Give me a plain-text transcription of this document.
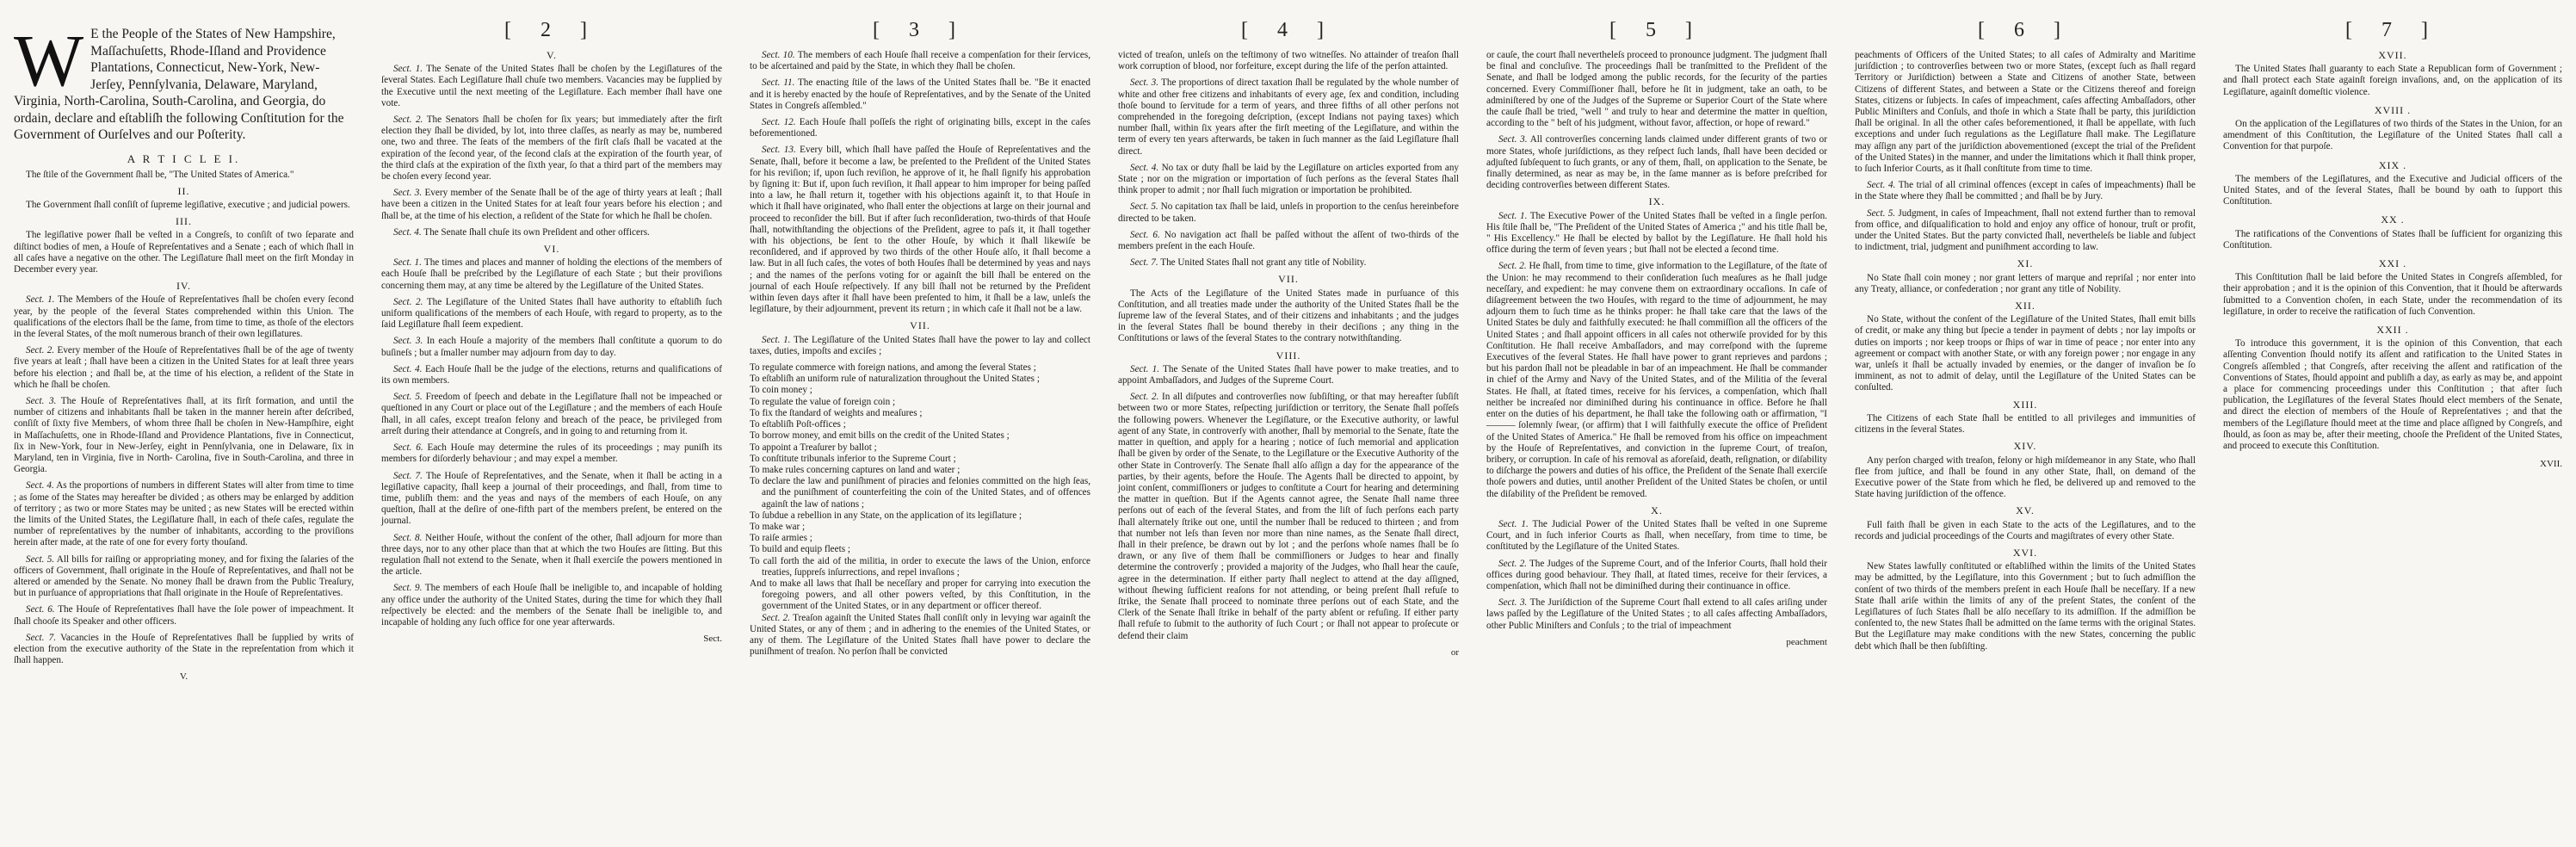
W E the People of the States of New Hampshire, Maſſachuſetts, Rhode-Iſland and Providence Plantations, Connecticut, New-York, New-Jerſey, Pennſylvania, Delaware, Maryland, Virginia, North-Carolina, South-Carolina, and Georgia, do ordain, declare and eſtabliſh the following Conſtitution for the Government of Ourſelves and our Poſterity.
A R T I C L E I.

The ſtile of the Government ſhall be, "The United States of America."

II.

The Government ſhall conſiſt of ſupreme legiſlative, executive ; and judicial powers.

III.

The legiſlative power ſhall be veſted in a Congreſs, to conſiſt of two ſeparate and diſtinct bodies of men, a Houſe of Repreſentatives and a Senate ; each of which ſhall in all caſes have a negative on the other. The Legiſlature ſhall meet on the firſt Monday in December every year.

IV.

Sect. 1. The Members of the Houſe of Repreſentatives ſhall be choſen every ſecond year, by the people of the ſeveral States comprehended within this Union. The qualifications of the electors ſhall be the ſame, from time to time, as thoſe of the electors in the ſeveral States, of the moſt numerous branch of their own legiſlatures.

Sect. 2. Every member of the Houſe of Repreſentatives ſhall be of the age of twenty five years at leaſt ; ſhall have been a citizen in the United States for at leaſt three years before his election ; and ſhall be, at the time of his election, a reſident of the State in which he ſhall be choſen.

Sect. 3. The Houſe of Repreſentatives ſhall, at its firſt formation, and until the number of citizens and inhabitants ſhall be taken in the manner herein after deſcribed, conſiſt of ſixty five Members, of whom three ſhall be choſen in New-Hampſhire, eight in Maſſachuſetts, one in Rhode-Iſland and Providence Plantations, five in Connecticut, ſix in New-York, four in New-Jerſey, eight in Pennſylvania, one in Delaware, ſix in Maryland, ten in Virginia, five in North- Carolina, five in South-Carolina, and three in Georgia.

Sect. 4. As the proportions of numbers in different States will alter from time to time ; as ſome of the States may hereafter be divided ; as others may be enlarged by addition of territory ; as two or more States may be united ; as new States will be erected within the limits of the United States, the Legiſlature ſhall, in each of theſe caſes, regulate the number of repreſentatives by the number of inhabitants, according to the proviſions herein after made, at the rate of one for every forty thouſand.

Sect. 5. All bills for raiſing or appropriating money, and for fixing the ſalaries of the officers of Government, ſhall originate in the Houſe of Repreſentatives, and ſhall not be altered or amended by the Senate. No money ſhall be drawn from the Public Treaſury, but in purſuance of appropriations that ſhall originate in the Houſe of Repreſentatives.

Sect. 6. The Houſe of Repreſentatives ſhall have the ſole power of impeachment. It ſhall chooſe its Speaker and other officers.

Sect. 7. Vacancies in the Houſe of Repreſentatives ſhall be ſupplied by writs of election from the executive authority of the State in the repreſentation from which it ſhall happen.

V.
[ 2 ]
V.

Sect. 1. The Senate of the United States ſhall be choſen by the Legiſlatures of the ſeveral States. Each Legiſlature ſhall chuſe two members. Vacancies may be ſupplied by the Executive until the next meeting of the Legiſlature. Each member ſhall have one vote.

Sect. 2. The Senators ſhall be choſen for ſix years; but immediately after the firſt election they ſhall be divided, by lot, into three claſſes, as nearly as may be, numbered one, two and three. The ſeats of the members of the firſt claſs ſhall be vacated at the expiration of the ſecond year, of the ſecond claſs at the expiration of the fourth year, of the third claſs at the expiration of the ſixth year, ſo that a third part of the members may be choſen every ſecond year.

Sect. 3. Every member of the Senate ſhall be of the age of thirty years at leaſt ; ſhall have been a citizen in the United States for at leaſt four years before his election ; and ſhall be, at the time of his election, a reſident of the State for which he ſhall be choſen.

Sect. 4. The Senate ſhall chuſe its own Preſident and other officers.

VI.

Sect. 1. The times and places and manner of holding the elections of the members of each Houſe ſhall be preſcribed by the Legiſlature of each State ; but their proviſions concerning them may, at any time be altered by the Legiſlature of the United States.

Sect. 2. The Legiſlature of the United States ſhall have authority to eſtabliſh ſuch uniform qualifications of the members of each Houſe, with regard to property, as to the ſaid Legiſlature ſhall ſeem expedient.

Sect. 3. In each Houſe a majority of the members ſhall conſtitute a quorum to do buſineſs ; but a ſmaller number may adjourn from day to day.

Sect. 4. Each Houſe ſhall be the judge of the elections, returns and qualifications of its own members.

Sect. 5. Freedom of ſpeech and debate in the Legiſlature ſhall not be impeached or queſtioned in any Court or place out of the Legiſlature ; and the members of each Houſe ſhall, in all caſes, except treaſon felony and breach of the peace, be privileged from arreſt during their attendance at Congreſs, and in going to and returning from it.

Sect. 6. Each Houſe may determine the rules of its proceedings ; may puniſh its members for diſorderly behaviour ; and may expel a member.

Sect. 7. The Houſe of Repreſentatives, and the Senate, when it ſhall be acting in a legiſlative capacity, ſhall keep a journal of their proceedings, and ſhall, from time to time, publiſh them: and the yeas and nays of the members of each Houſe, on any queſtion, ſhall at the deſire of one-fifth part of the members preſent, be entered on the journal.

Sect. 8. Neither Houſe, without the conſent of the other, ſhall adjourn for more than three days, nor to any other place than that at which the two Houſes are ſitting. But this regulation ſhall not extend to the Senate, when it ſhall exerciſe the powers mentioned in the article.

Sect. 9. The members of each Houſe ſhall be ineligible to, and incapable of holding any office under the authority of the United States, during the time for which they ſhall reſpectively be elected: and the members of the Senate ſhall be ineligible to, and incapable of holding any ſuch office for one year afterwards.

Sect.
[ 3 ]

Sect. 10. The members of each Houſe ſhall receive a compenſation for their ſervices, to be aſcertained and paid by the State, in which they ſhall be choſen.

Sect. 11. The enacting ſtile of the laws of the United States ſhall be. "Be it enacted and it is hereby enacted by the houſe of Repreſentatives, and by the Senate of the United States in Congreſs aſſembled."

Sect. 12. Each Houſe ſhall poſſeſs the right of originating bills, except in the caſes beforementioned.

Sect. 13. Every bill, which ſhall have paſſed the Houſe of Repreſentatives and the Senate, ſhall, before it become a law, be preſented to the Preſident of the United States for his reviſion; if, upon ſuch reviſion, he approve of it, he ſhall ſignify his approbation by ſigning it: But if, upon ſuch reviſion, it ſhall appear to him improper for being paſſed into a law, he ſhall return it, together with his objections againſt it, to that Houſe in which it ſhall have originated, who ſhall enter the objections at large on their journal and proceed to reconſider the bill. But if after ſuch reconſideration, two-thirds of that Houſe ſhall, notwithſtanding the objections of the Preſident, agree to paſs it, it ſhall together with his objections, be ſent to the other Houſe, by which it ſhall likewiſe be reconſidered, and if approved by two thirds of the other Houſe alſo, it ſhall become a law. But in all ſuch caſes, the votes of both Houſes ſhall be determined by yeas and nays ; and the names of the perſons voting for or againſt the bill ſhall be entered on the journal of each Houſe reſpectively. If any bill ſhall not be returned by the Preſident within ſeven days after it ſhall have been preſented to him, it ſhall be a law, unleſs the legiſlature, by their adjournment, prevent its return ; in which caſe it ſhall not be a law.

VII.

Sect. 1. The Legiſlature of the United States ſhall have the power to lay and collect taxes, duties, impoſts and exciſes ;

To regulate commerce with foreign nations, and among the ſeveral States ;

To eſtabliſh an uniform rule of naturalization throughout the United States ;

To coin money ;

To regulate the value of foreign coin ;

To fix the ſtandard of weights and meaſures ;

To eſtabliſh Poſt-offices ;

To borrow money, and emit bills on the credit of the United States ;

To appoint a Treaſurer by ballot ;

To conſtitute tribunals inferior to the Supreme Court ;

To make rules concerning captures on land and water ;

To declare the law and puniſhment of piracies and felonies committed on the high ſeas, and the puniſhment of counterfeiting the coin of the United States, and of offences againſt the law of nations ;

To ſubdue a rebellion in any State, on the application of its legiſlature ;

To make war ;

To raiſe armies ;

To build and equip fleets ;

To call forth the aid of the militia, in order to execute the laws of the Union, enforce treaties, ſuppreſs inſurrections, and repel invaſions ;

And to make all laws that ſhall be neceſſary and proper for carrying into execution the foregoing powers, and all other powers veſted, by this Conſtitution, in the government of the United States, or in any department or officer thereof.

Sect. 2. Treaſon againſt the United States ſhall conſiſt only in levying war againſt the United States, or any of them ; and in adhering to the enemies of the United States, or any of them. The Legiſlature of the United States ſhall have power to declare the puniſhment of treaſon. No perſon ſhall be convicted

[ 4 ]

victed of treaſon, unleſs on the teſtimony of two witneſſes. No attainder of treaſon ſhall work corruption of blood, nor forfeiture, except during the life of the perſon attainted.

Sect. 3. The proportions of direct taxation ſhall be regulated by the whole number of white and other free citizens and inhabitants of every age, ſex and condition, including thoſe bound to ſervitude for a term of years, and three fifths of all other perſons not comprehended in the foregoing deſcription, (except Indians not paying taxes) which number ſhall, within ſix years after the firſt meeting of the Legiſlature, and within the term of every ten years afterwards, be taken in ſuch manner as the ſaid Legiſlature ſhall direct.

Sect. 4. No tax or duty ſhall be laid by the Legiſlature on articles exported from any State ; nor on the migration or importation of ſuch perſons as the ſeveral States ſhall think proper to admit ; nor ſhall ſuch migration or importation be prohibited.

Sect. 5. No capitation tax ſhall be laid, unleſs in proportion to the cenſus hereinbefore directed to be taken.

Sect. 6. No navigation act ſhall be paſſed without the aſſent of two-thirds of the members preſent in the each Houſe.

Sect. 7. The United States ſhall not grant any title of Nobility.

VII.

The Acts of the Legiſlature of the United States made in purſuance of this Conſtitution, and all treaties made under the authority of the United States ſhall be the ſupreme law of the ſeveral States, and of their citizens and inhabitants ; and the judges in the ſeveral States ſhall be bound thereby in their deciſions ; any thing in the Conſtitutions or laws of the ſeveral States to the contrary notwithſtanding.

VIII.

Sect. 1. The Senate of the United States ſhall have power to make treaties, and to appoint Ambaſſadors, and Judges of the Supreme Court.

Sect. 2. In all diſputes and controverſies now ſubſiſting, or that may hereafter ſubſiſt between two or more States, reſpecting juriſdiction or territory, the Senate ſhall poſſeſs the following powers. Whenever the Legiſlature, or the Executive authority, or lawful agent of any State, in controverſy with another, ſhall by memorial to the Senate, ſtate the matter in queſtion, and apply for a hearing ; notice of ſuch memorial and application ſhall be given by order of the Senate, to the Legiſlature or the Executive Authority of the other State in Controverſy. The Senate ſhall alſo aſſign a day for the appearance of the parties, by their agents, before the Houſe. The Agents ſhall be directed to appoint, by joint conſent, commiſſioners or judges to conſtitute a Court for hearing and determining the matter in queſtion. But if the Agents cannot agree, the Senate ſhall name three perſons out of each of the ſeveral States, and from the liſt of ſuch perſons each party ſhall alternately ſtrike out one, until the number ſhall be reduced to thirteen ; and from that number not leſs than ſeven nor more than nine names, as the Senate ſhall direct, ſhall in their preſence, be drawn out by lot ; and the perſons whoſe names ſhall be ſo drawn, or any ſive of them ſhall be commiſſioners or Judges to hear and finally determine the controverſy ; provided a majority of the Judges, who ſhall hear the cauſe, agree in the determination. If either party ſhall neglect to attend at the day aſſigned, without ſhewing ſufficient reaſons for not attending, or being preſent ſhall refuſe to ſtrike, the Senate ſhall proceed to nominate three perſons out of each State, and the Clerk of the Senate ſhall ſtrike in behalf of the party abſent or refuſing. If either party ſhall refuſe to ſubmit to the authority of ſuch Court ; or ſhall not appear to proſecute or defend their claim

or
[ 5 ]

or cauſe, the court ſhall nevertheleſs proceed to pronounce judgment. The judgment ſhall be final and concluſive. The proceedings ſhall be tranſmitted to the Preſident of the Senate, and ſhall be lodged among the public records, for the ſecurity of the parties concerned. Every Commiſſioner ſhall, before he ſit in judgment, take an oath, to be adminiſtered by one of the Judges of the Supreme or Superior Court of the State where the cauſe ſhall be tried, "well " and truly to hear and determine the matter in queſtion, according to the " beſt of his judgment, without favor, affection, or hope of reward."

Sect. 3. All controverſies concerning lands claimed under different grants of two or more States, whoſe juriſdictions, as they reſpect ſuch lands, ſhall have been decided or adjuſted ſubſequent to ſuch grants, or any of them, ſhall, on application to the Senate, be finally determined, as near as may be, in the ſame manner as is before preſcribed for deciding controverſies between different States.

IX.

Sect. 1. The Executive Power of the United States ſhall be veſted in a ſingle perſon. His ſtile ſhall be, "The Preſident of the United States of America ;" and his title ſhall be, " His Excellency." He ſhall be elected by ballot by the Legiſlature. He ſhall hold his office during the term of ſeven years ; but ſhall not be elected a ſecond time.

Sect. 2. He ſhall, from time to time, give information to the Legiſlature, of the ſtate of the Union: he may recommend to their conſideration ſuch meaſures as he ſhall judge neceſſary, and expedient: he may convene them on extraordinary occaſions. In caſe of diſagreement between the two Houſes, with regard to the time of adjournment, he may adjourn them to ſuch time as he thinks proper: he ſhall take care that the laws of the United States be duly and faithfully executed: he ſhall commiſſion all the officers of the United States ; and ſhall appoint officers in all caſes not otherwiſe provided for by this Conſtitution. He ſhall receive Ambaſſadors, and may correſpond with the ſupreme Executives of the ſeveral States. He ſhall have power to grant reprieves and pardons ; but his pardon ſhall not be pleadable in bar of an impeachment. He ſhall be commander in chief of the Army and Navy of the United States, and of the Militia of the ſeveral States. He ſhall, at ſtated times, receive for his ſervices, a compenſation, which ſhall neither be increaſed nor diminiſhed during his continuance in office. Before he ſhall enter on the duties of his department, he ſhall take the following oath or affirmation, "I ——— ſolemnly ſwear, (or affirm) that I will faithfully execute the office of Preſident of the United States of America." He ſhall be removed from his office on impeachment by the Houſe of Repreſentatives, and conviction in the ſupreme Court, of treaſon, bribery, or corruption. In caſe of his removal as aforeſaid, death, reſignation, or diſability to diſcharge the powers and duties of his office, the Preſident of the Senate ſhall exerciſe thoſe powers and duties, until another Preſident of the United States be choſen, or until the diſability of the Preſident be removed.

X.

Sect. 1. The Judicial Power of the United States ſhall be veſted in one Supreme Court, and in ſuch inferior Courts as ſhall, when neceſſary, from time to time, be conſtituted by the Legiſlature of the United States.

Sect. 2. The Judges of the Supreme Court, and of the Inferior Courts, ſhall hold their offices during good behaviour. They ſhall, at ſtated times, receive for their ſervices, a compenſation, which ſhall not be diminiſhed during their continuance in office.

Sect. 3. The Juriſdiction of the Supreme Court ſhall extend to all caſes ariſing under laws paſſed by the Legiſlature of the United States ; to all caſes affecting Ambaſſadors, other Public Miniſters and Conſuls ; to the trial of impeachment

peachment
[ 6 ]

peachments of Officers of the United States; to all caſes of Admiralty and Maritime juriſdiction ; to controverſies between two or more States, (except ſuch as ſhall regard Territory or Juriſdiction) between a State and Citizens of another State, between Citizens of different States, and between a State or the Citizens thereof and foreign States, citizens or ſubjects. In caſes of impeachment, caſes affecting Ambaſſadors, other Public Miniſters and Conſuls, and thoſe in which a State ſhall be party, this juriſdiction ſhall be original. In all the other caſes beforementioned, it ſhall be appellate, with ſuch exceptions and under ſuch regulations as the Legiſlature ſhall make. The Legiſlature may aſſign any part of the juriſdiction abovementioned (except the trial of the Preſident of the United States) in the manner, and under the limitations which it ſhall think proper, to ſuch Inferior Courts, as it ſhall conſtitute from time to time.

Sect. 4. The trial of all criminal offences (except in caſes of impeachments) ſhall be in the State where they ſhall be committed ; and ſhall be by Jury.

Sect. 5. Judgment, in caſes of Impeachment, ſhall not extend further than to removal from office, and diſqualification to hold and enjoy any office of honour, truſt or profit, under the United States. But the party convicted ſhall, nevertheleſs be liable and ſubject to indictment, trial, judgment and puniſhment according to law.

XI.

No State ſhall coin money ; nor grant letters of marque and repriſal ; nor enter into any Treaty, alliance, or confederation ; nor grant any title of Nobility.

XII.

No State, without the conſent of the Legiſlature of the United States, ſhall emit bills of credit, or make any thing but ſpecie a tender in payment of debts ; nor lay impoſts or duties on imports ; nor keep troops or ſhips of war in time of peace ; nor enter into any agreement or compact with another State, or with any foreign power ; nor engage in any war, unleſs it ſhall be actually invaded by enemies, or the danger of invaſion be ſo imminent, as not to admit of delay, until the Legiſlature of the United States can be conſulted.

XIII.

The Citizens of each State ſhall be entitled to all privileges and immunities of citizens in the ſeveral States.

XIV.

Any perſon charged with treaſon, felony or high miſdemeanor in any State, who ſhall flee from juſtice, and ſhall be found in any other State, ſhall, on demand of the Executive power of the State from which he fled, be delivered up and removed to the State having juriſdiction of the offence.

XV.

Full faith ſhall be given in each State to the acts of the Legiſlatures, and to the records and judicial proceedings of the Courts and magiſtrates of every other State.

XVI.

New States lawfully conſtituted or eſtabliſhed within the limits of the United States may be admitted, by the Legiſlature, into this Government ; but to ſuch admiſſion the conſent of two thirds of the members preſent in each Houſe ſhall be neceſſary. If a new State ſhall ariſe within the limits of any of the preſent States, the conſent of the Legiſlatures of ſuch States ſhall be alſo neceſſary to its admiſſion. If the admiſſion be conſented to, the new States ſhall be admitted on the ſame terms with the original States. But the Legiſlature may make conditions with the new States, concerning the public debt which ſhall be then ſubſiſting.

[ 7 ]
XVII.

The United States ſhall guaranty to each State a Republican form of Government ; and ſhall protect each State againſt foreign invaſions, and, on the application of its Legiſlature, againſt domeſtic violence.

XVIII .

On the application of the Legiſlatures of two thirds of the States in the Union, for an amendment of this Conſtitution, the Legiſlature of the United States ſhall call a Convention for that purpoſe.

XIX .

The members of the Legiſlatures, and the Executive and Judicial officers of the United States, and of the ſeveral States, ſhall be bound by oath to ſupport this Conſtitution.

XX .

The ratifications of the Conventions of States ſhall be ſufficient for organizing this Conſtitution.

XXI .

This Conſtitution ſhall be laid before the United States in Congreſs aſſembled, for their approbation ; and it is the opinion of this Convention, that it ſhould be afterwards ſubmitted to a Convention choſen, in each State, under the recommendation of its legiſlature, in order to receive the ratification of ſuch Convention.

XXII .

To introduce this government, it is the opinion of this Convention, that each aſſenting Convention ſhould notify its aſſent and ratification to the United States in Congreſs aſſembled ; that Congreſs, after receiving the aſſent and ratification of the Conventions of States, ſhould appoint and publiſh a day, as early as may be, and appoint a place for commencing proceedings under this Conſtitution ; that after ſuch publication, the Legiſlatures of the ſeveral States ſhould elect members of the Senate, and direct the election of members of the Houſe of Repreſentatives ; and that the members of the Legiſlature ſhould meet at the time and place aſſigned by Congreſs, and ſhould, as ſoon as may be, after their meeting, chooſe the Preſident of the United States, and proceed to execute this Conſtitution.

XVII.
